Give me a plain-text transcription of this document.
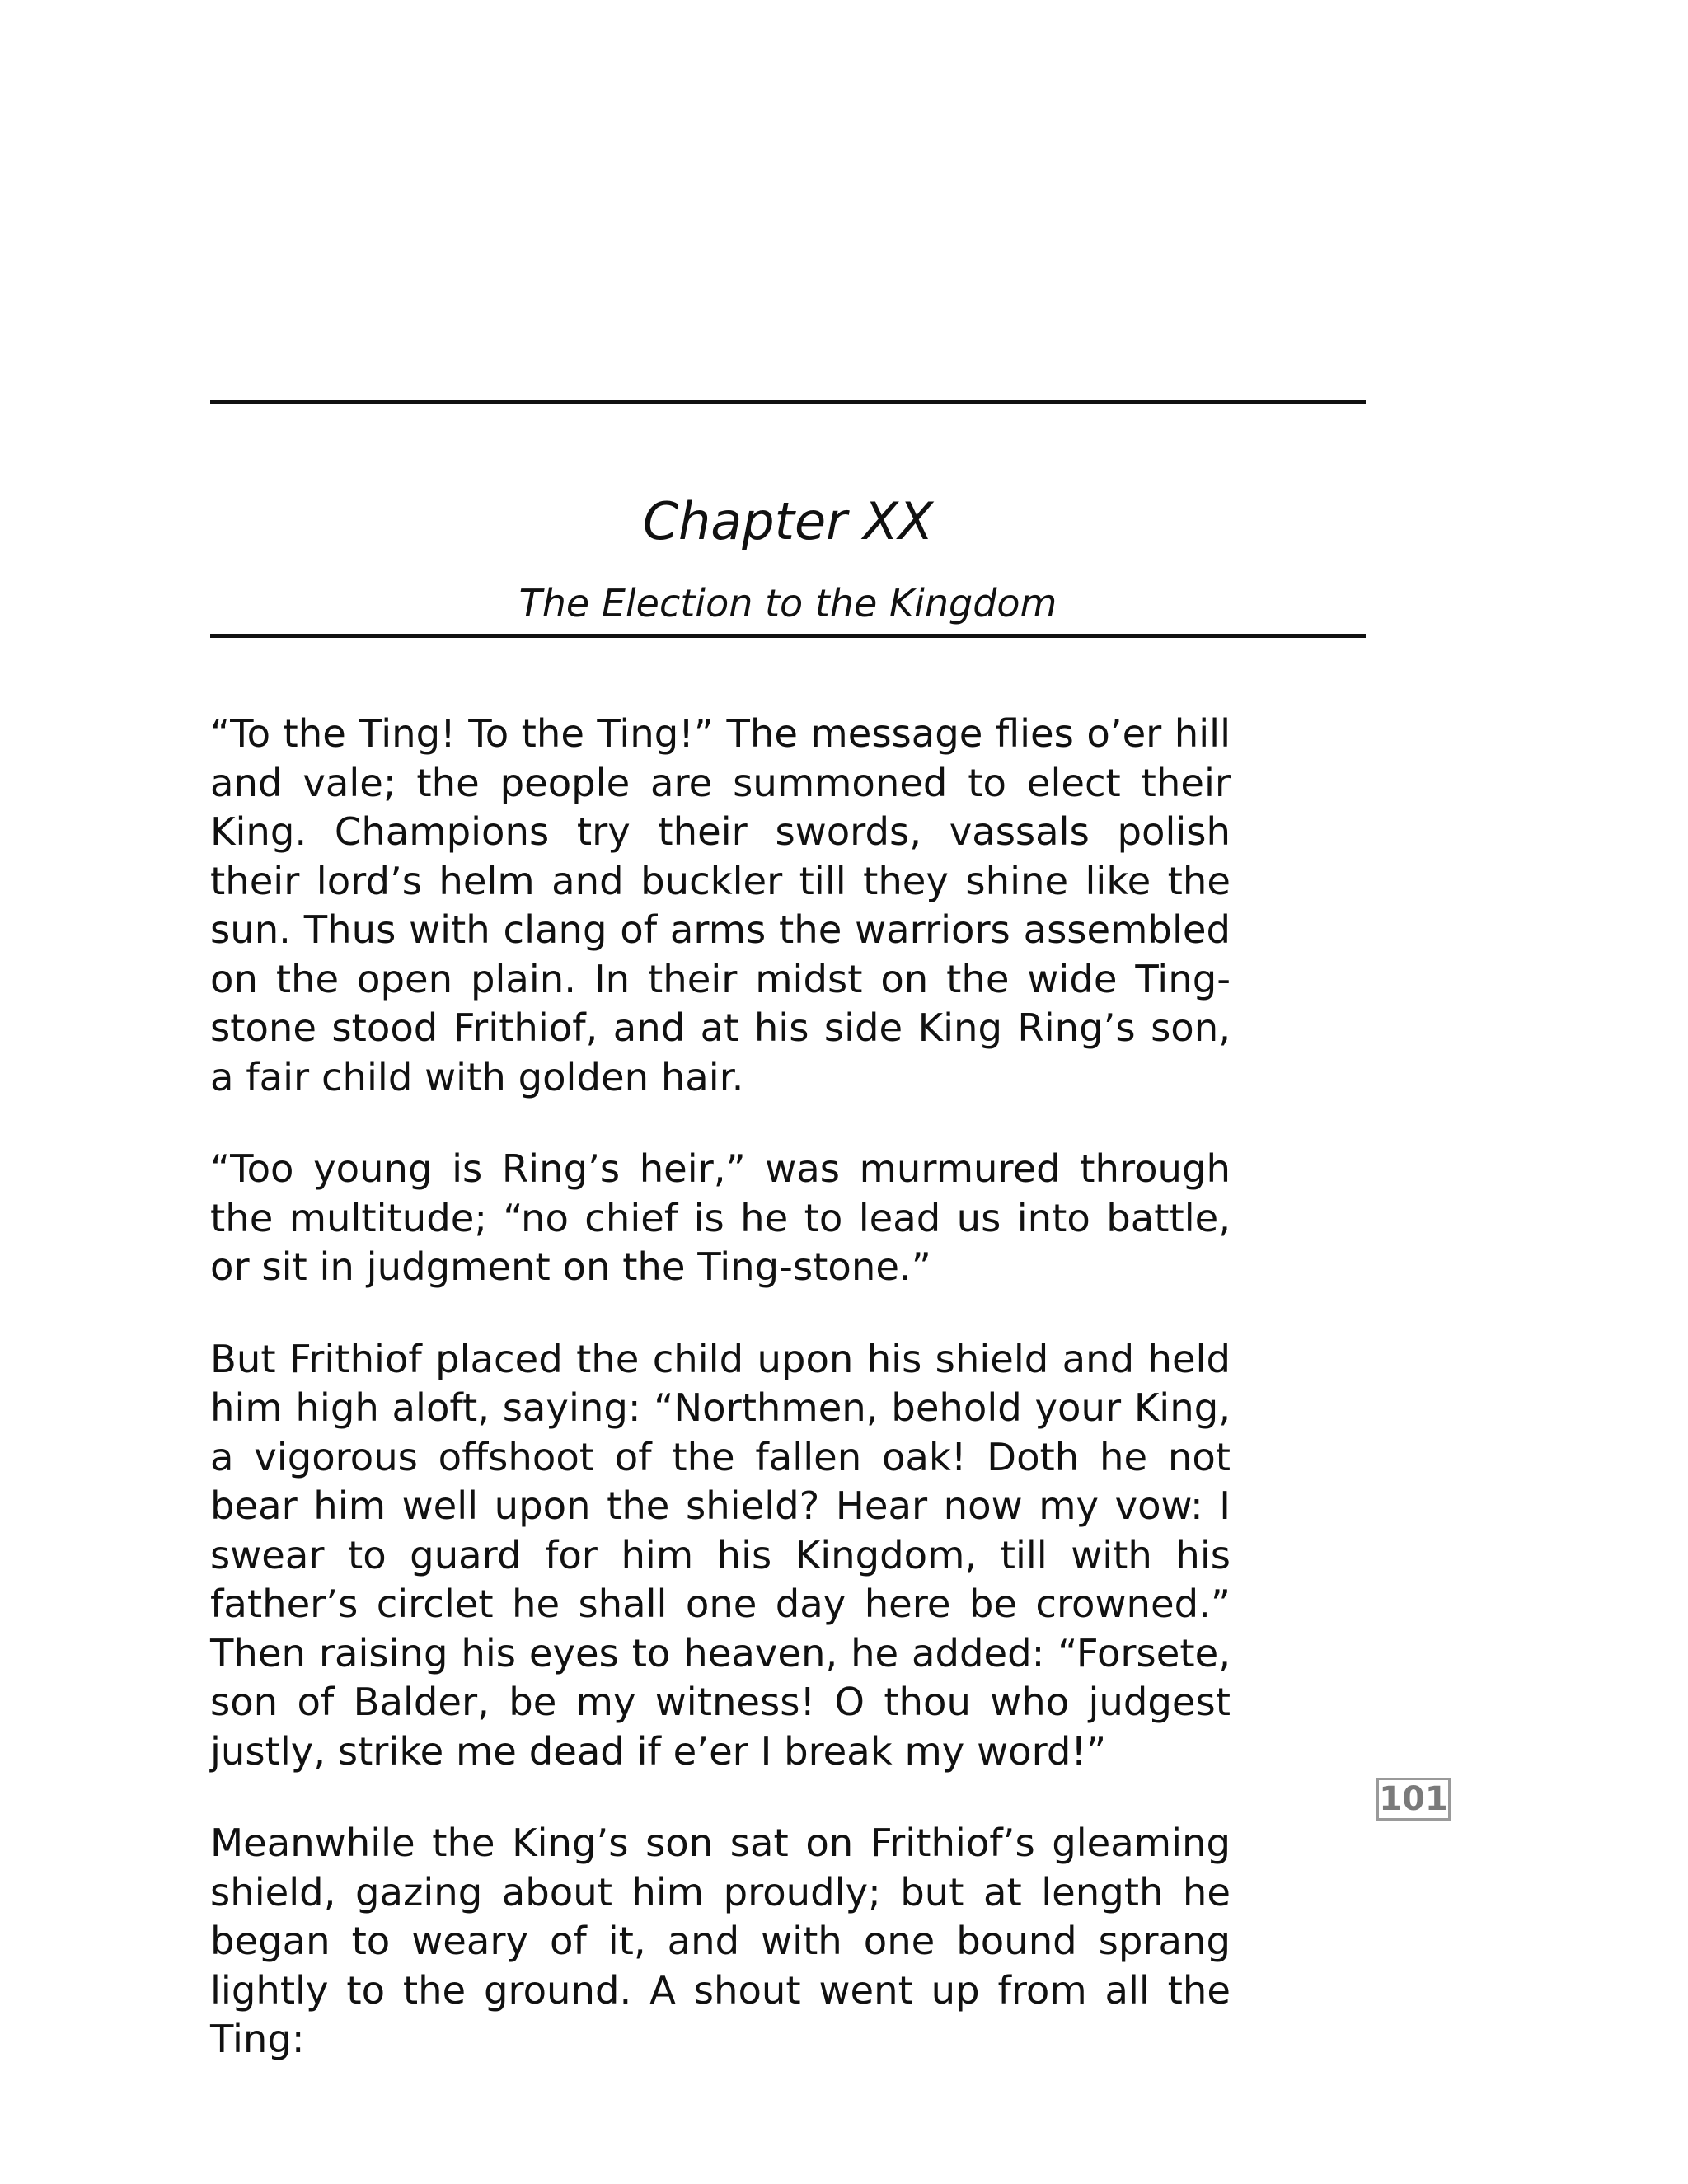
Chapter XX
The Election to the Kingdom

“To the Ting! To the Ting!” The message flies o’er hill and vale; the people are summoned to elect their King. Champions try their swords, vassals polish their lord’s helm and buckler till they shine like the sun. Thus with clang of arms the warriors assembled on the open plain. In their midst on the wide Ting-stone stood Frithiof, and at his side King Ring’s son, a fair child with golden hair.

“Too young is Ring’s heir,” was murmured through the multitude; “no chief is he to lead us into battle, or sit in judgment on the Ting-stone.”

But Frithiof placed the child upon his shield and held him high aloft, saying: “Northmen, behold your King, a vigorous offshoot of the fallen oak! Doth he not bear him well upon the shield? Hear now my vow: I swear to guard for him his Kingdom, till with his father’s circlet he shall one day here be crowned.” Then raising his eyes to heaven, he added: “Forsete, son of Balder, be my witness! O thou who judgest justly, strike me dead if e’er I break my word!”

Meanwhile the King’s son sat on Frithiof’s gleaming shield, gazing about him proudly; but at length he began to weary of it, and with one bound sprang lightly to the ground. A shout went up from all the Ting:

101
